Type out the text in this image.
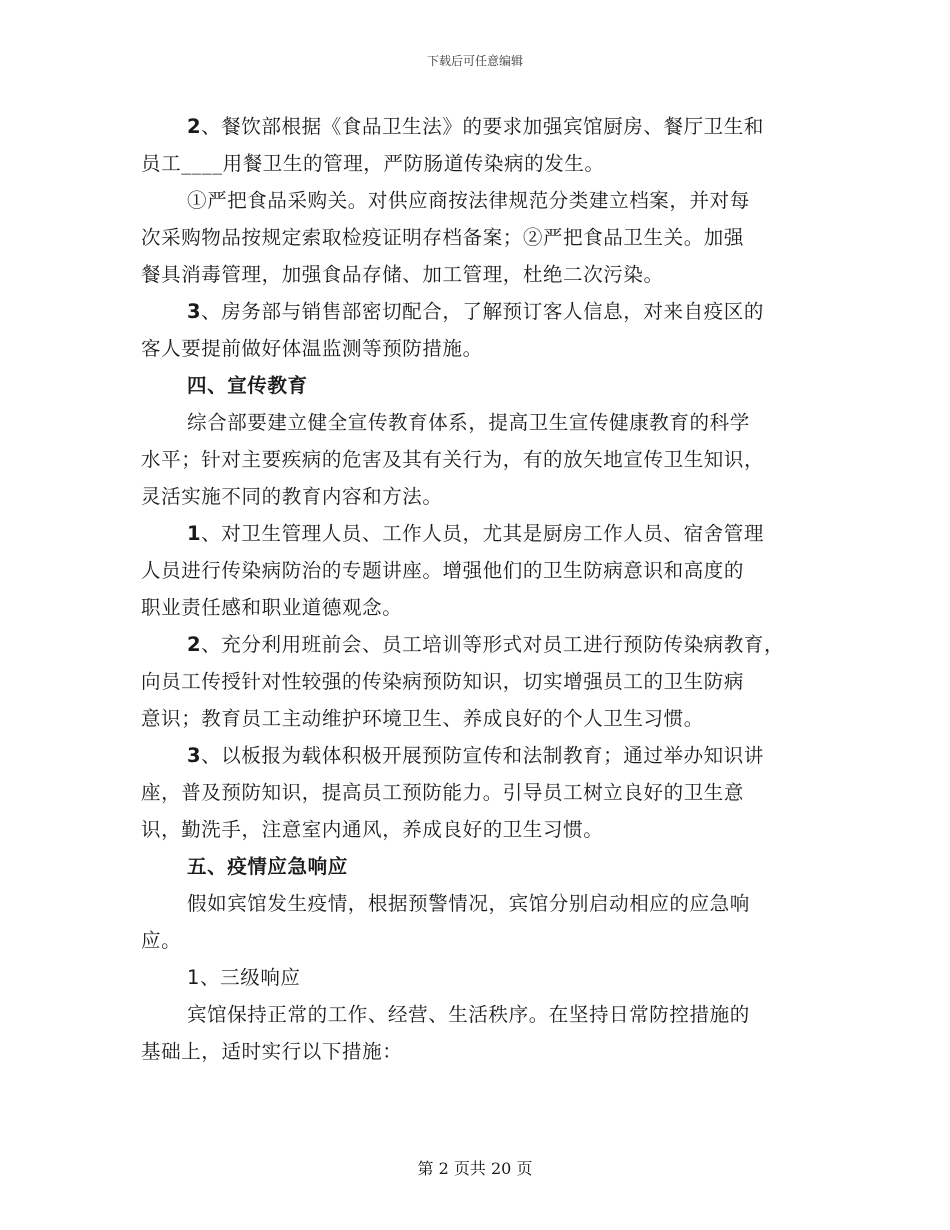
下载后可任意编辑
2、餐饮部根据《食品卫生法》的要求加强宾馆厨房、餐厅卫生和
员工____用餐卫生的管理，严防肠道传染病的发生。
①严把食品采购关。对供应商按法律规范分类建立档案，并对每
次采购物品按规定索取检疫证明存档备案；②严把食品卫生关。加强
餐具消毒管理，加强食品存储、加工管理，杜绝二次污染。
3、房务部与销售部密切配合，了解预订客人信息，对来自疫区的
客人要提前做好体温监测等预防措施。
四、宣传教育
综合部要建立健全宣传教育体系，提高卫生宣传健康教育的科学
水平；针对主要疾病的危害及其有关行为，有的放矢地宣传卫生知识，
灵活实施不同的教育内容和方法。
1、对卫生管理人员、工作人员，尤其是厨房工作人员、宿舍管理
人员进行传染病防治的专题讲座。增强他们的卫生防病意识和高度的
职业责任感和职业道德观念。
2、充分利用班前会、员工培训等形式对员工进行预防传染病教育，
向员工传授针对性较强的传染病预防知识，切实增强员工的卫生防病
意识；教育员工主动维护环境卫生、养成良好的个人卫生习惯。
3、以板报为载体积极开展预防宣传和法制教育；通过举办知识讲
座，普及预防知识，提高员工预防能力。引导员工树立良好的卫生意
识，勤洗手，注意室内通风，养成良好的卫生习惯。
五、疫情应急响应
假如宾馆发生疫情，根据预警情况，宾馆分别启动相应的应急响
应。
1、三级响应
宾馆保持正常的工作、经营、生活秩序。在坚持日常防控措施的
基础上，适时实行以下措施：
第 2 页共 20 页
